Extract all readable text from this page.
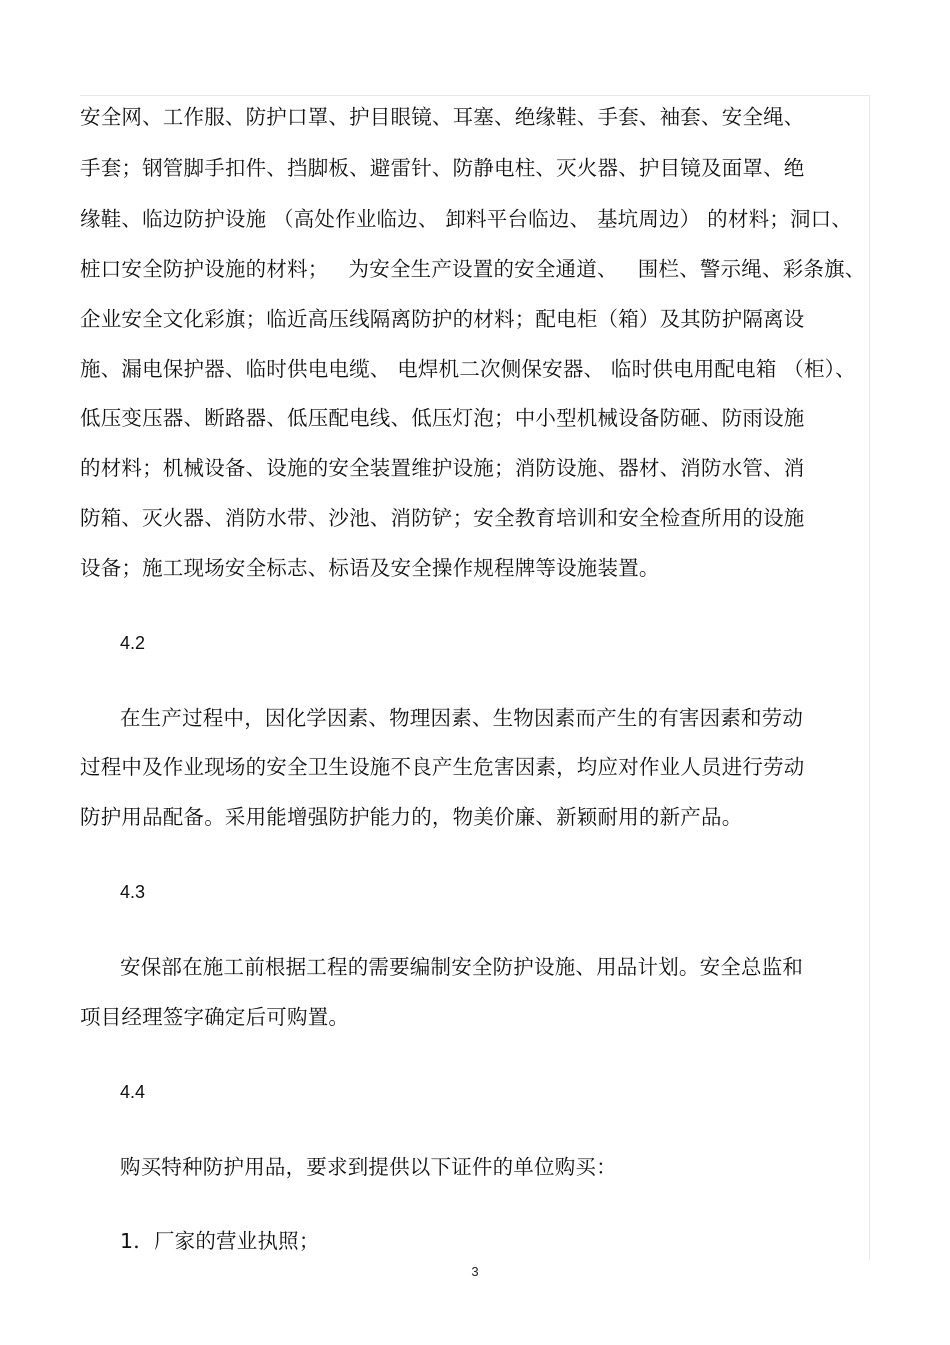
安全网、工作服、防护口罩、护目眼镜、耳塞、绝缘鞋、手套、袖套、安全绳、
手套；钢管脚手扣件、挡脚板、避雷针、防静电柱、灭火器、护目镜及面罩、绝
缘鞋、临边防护设施 （高处作业临边、 卸料平台临边、 基坑周边） 的材料；洞口、
桩口安全防护设施的材料；   为安全生产设置的安全通道、   围栏、警示绳、彩条旗、
企业安全文化彩旗；临近高压线隔离防护的材料；配电柜（箱）及其防护隔离设
施、漏电保护器、临时供电电缆、 电焊机二次侧保安器、 临时供电用配电箱 （柜）、
低压变压器、断路器、低压配电线、低压灯泡；中小型机械设备防砸、防雨设施
的材料；机械设备、设施的安全装置维护设施；消防设施、器材、消防水管、消
防箱、灭火器、消防水带、沙池、消防铲；安全教育培训和安全检查所用的设施
设备；施工现场安全标志、标语及安全操作规程牌等设施装置。
4.2
在生产过程中，因化学因素、物理因素、生物因素而产生的有害因素和劳动
过程中及作业现场的安全卫生设施不良产生危害因素，均应对作业人员进行劳动
防护用品配备。采用能增强防护能力的，物美价廉、新颖耐用的新产品。
4.3
安保部在施工前根据工程的需要编制安全防护设施、用品计划。安全总监和
项目经理签字确定后可购置。
4.4
购买特种防护用品，要求到提供以下证件的单位购买：
1．厂家的营业执照；
3
